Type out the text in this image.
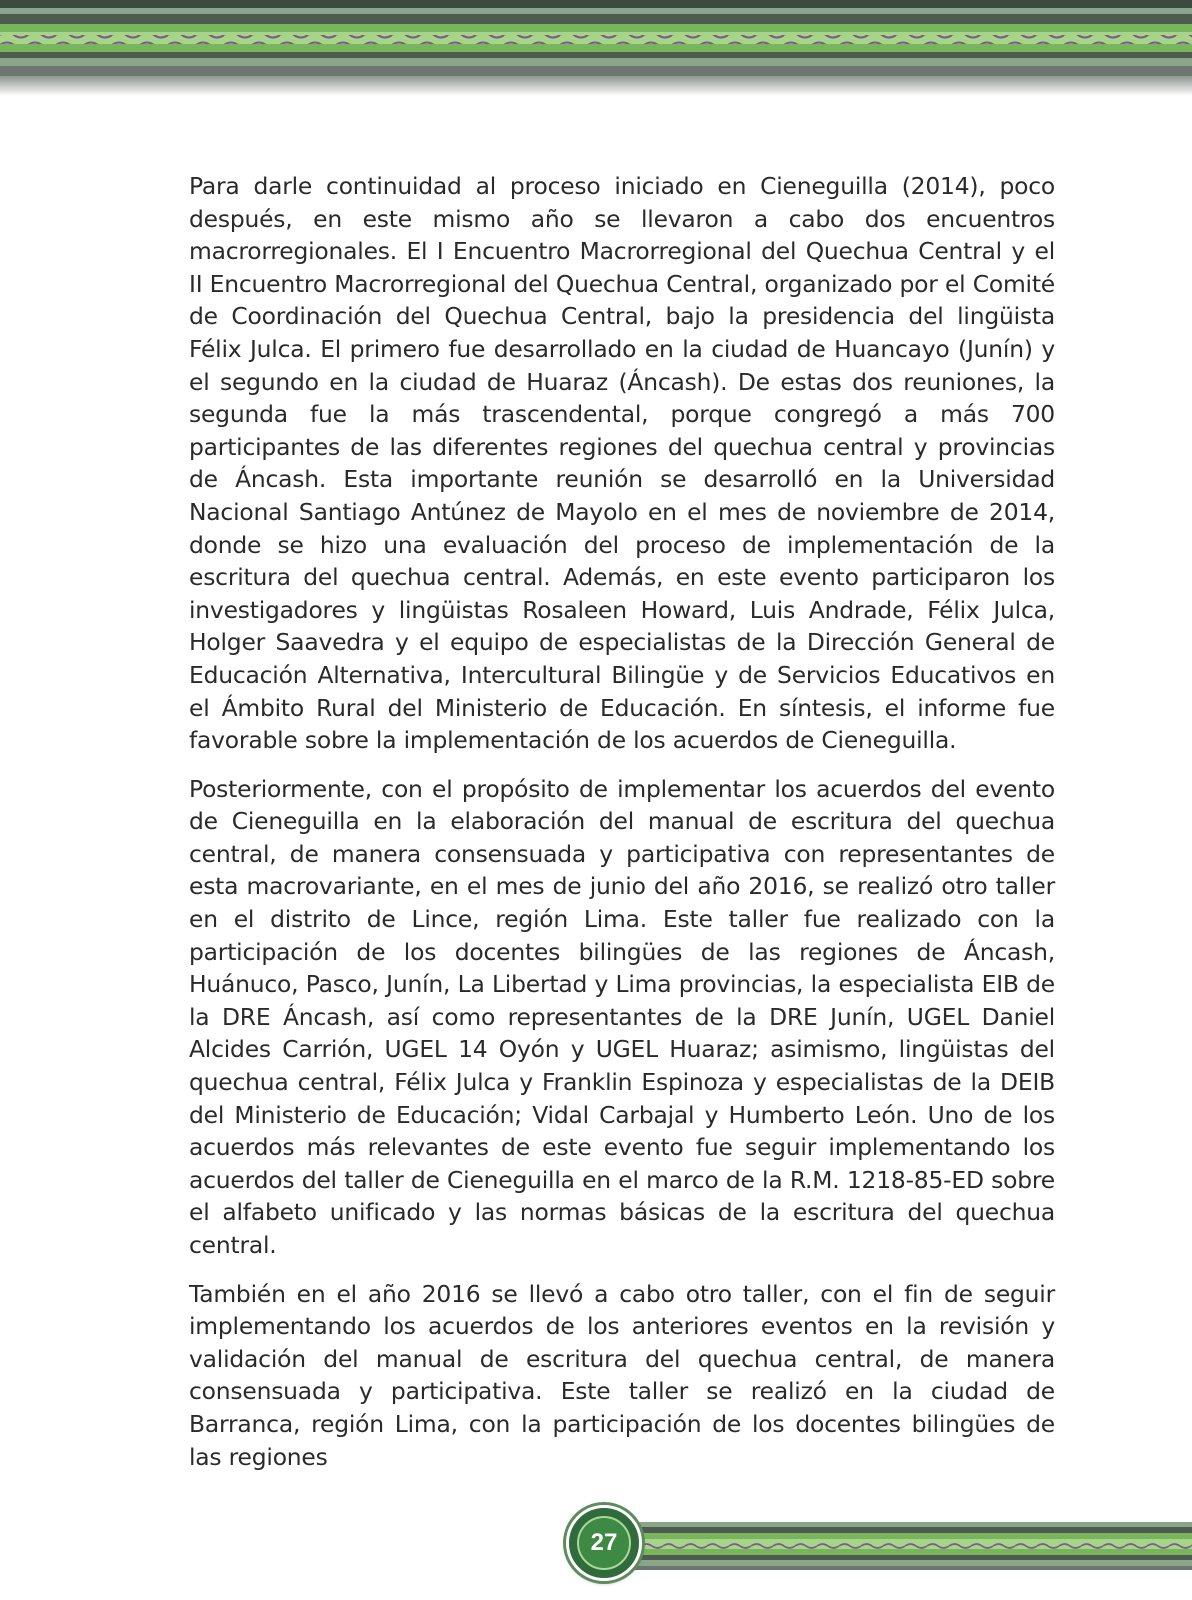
Para darle continuidad al proceso iniciado en Cieneguilla (2014), poco después, en este mismo año se llevaron a cabo dos encuentros macrorregionales. El I Encuentro Macrorregional del Quechua Central y el II Encuentro Macrorregional del Quechua Central, organizado por el Comité de Coordinación del Quechua Central, bajo la presidencia del lingüista Félix Julca. El primero fue desarrollado en la ciudad de Huancayo (Junín) y el segundo en la ciudad de Huaraz (Áncash). De estas dos reuniones, la segunda fue la más trascendental, porque congregó a más 700 participantes de las diferentes regiones del quechua central y provincias de Áncash. Esta importante reunión se desarrolló en la Universidad Nacional Santiago Antúnez de Mayolo en el mes de noviembre de 2014, donde se hizo una evaluación del proceso de implementación de la escritura del quechua central. Además, en este evento participaron los investigadores y lingüistas Rosaleen Howard, Luis Andrade, Félix Julca, Holger Saavedra y el equipo de especialistas de la Dirección General de Educación Alternativa, Intercultural Bilingüe y de Servicios Educativos en el Ámbito Rural del Ministerio de Educación. En síntesis, el informe fue favorable sobre la implementación de los acuerdos de Cieneguilla.

Posteriormente, con el propósito de implementar los acuerdos del evento de Cieneguilla en la elaboración del manual de escritura del quechua central, de manera consensuada y participativa con representantes de esta macrovariante, en el mes de junio del año 2016, se realizó otro taller en el distrito de Lince, región Lima. Este taller fue realizado con la participación de los docentes bilingües de las regiones de Áncash, Huánuco, Pasco, Junín, La Libertad y Lima provincias, la especialista EIB de la DRE Áncash, así como representantes de la DRE Junín, UGEL Daniel Alcides Carrión, UGEL 14 Oyón y UGEL Huaraz; asimismo, lingüistas del quechua central, Félix Julca y Franklin Espinoza y especialistas de la DEIB del Ministerio de Educación; Vidal Carbajal y Humberto León. Uno de los acuerdos más relevantes de este evento fue seguir implementando los acuerdos del taller de Cieneguilla en el marco de la R.M. 1218-85-ED sobre el alfabeto unificado y las normas básicas de la escritura del quechua central.

También en el año 2016 se llevó a cabo otro taller, con el fin de seguir implementando los acuerdos de los anteriores eventos en la revisión y validación del manual de escritura del quechua central, de manera consensuada y participativa. Este taller se realizó en la ciudad de Barranca, región Lima, con la participación de los docentes bilingües de las regiones

27
